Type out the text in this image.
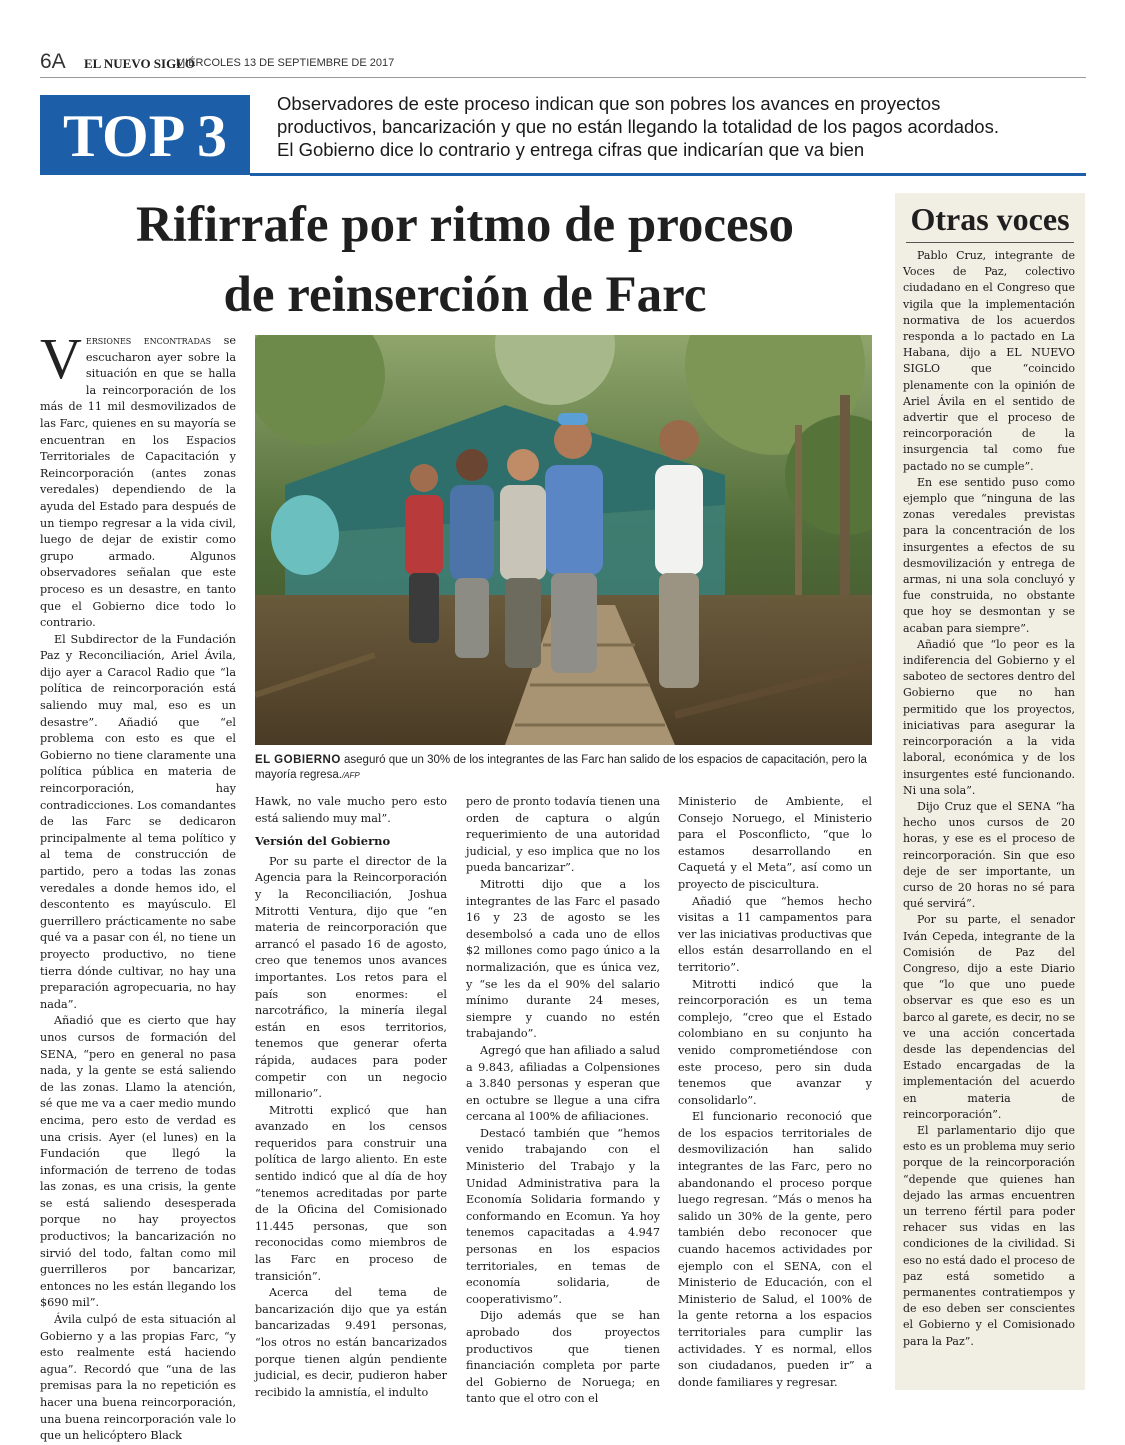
6A EL NUEVO SIGLO
MIÉRCOLES 13 DE SEPTIEMBRE DE 2017
TOP 3	Observadores de este proceso indican que son pobres los avances en proyectos
productivos, bancarización y que no están llegando la totalidad de los pagos acordados.
El Gobierno dice lo contrario y entrega cifras que indicarían que va bien
Rifirrafe por ritmo de proceso
de reinserción de Farc
EL GOBIERNO aseguró que un 30% de los integrantes de las Farc han salido de los espacios de capacitación, pero la mayoría regresa./AFP

Versiones encontradas se escucharon ayer sobre la situación en que se halla la reincorporación de los más de 11 mil desmovilizados de las Farc, quienes en su mayoría se encuentran en los Espacios Territoriales de Capacitación y Reincorporación (antes zonas veredales) dependiendo de la ayuda del Estado para después de un tiempo regresar a la vida civil, luego de dejar de existir como grupo armado. Algunos observadores señalan que este proceso es un desastre, en tanto que el Gobierno dice todo lo contrario.

El Subdirector de la Fundación Paz y Reconciliación, Ariel Ávila, dijo ayer a Caracol Radio que “la política de reincorporación está saliendo muy mal, eso es un desastre”. Añadió que “el problema con esto es que el Gobierno no tiene claramente una política pública en materia de reincorporación, hay contradicciones. Los comandantes de las Farc se dedicaron principalmente al tema político y al tema de construcción de partido, pero a todas las zonas veredales a donde hemos ido, el descontento es mayúsculo. El guerrillero prácticamente no sabe qué va a pasar con él, no tiene un proyecto productivo, no tiene tierra dónde cultivar, no hay una preparación agropecuaria, no hay nada”.

Añadió que es cierto que hay unos cursos de formación del SENA, “pero en general no pasa nada, y la gente se está saliendo de las zonas. Llamo la atención, sé que me va a caer medio mundo encima, pero esto de verdad es una crisis. Ayer (el lunes) en la Fundación que llegó la información de terreno de todas las zonas, es una crisis, la gente se está saliendo desesperada porque no hay proyectos productivos; la bancarización no sirvió del todo, faltan como mil guerrilleros por bancarizar, entonces no les están llegando los $690 mil”.

Ávila culpó de esta situación al Gobierno y a las propias Farc, “y esto realmente está haciendo agua”. Recordó que “una de las premisas para la no repetición es hacer una buena reincorporación, una buena reincorporación vale lo que un helicóptero Black

Hawk, no vale mucho pero esto está saliendo muy mal”.

Versión del Gobierno

Por su parte el director de la Agencia para la Reincorporación y la Reconciliación, Joshua Mitrotti Ventura, dijo que “en materia de reincorporación que arrancó el pasado 16 de agosto, creo que tenemos unos avances importantes. Los retos para el país son enormes: el narcotráfico, la minería ilegal están en esos territorios, tenemos que generar oferta rápida, audaces para poder competir con un negocio millonario”.

Mitrotti explicó que han avanzado en los censos requeridos para construir una política de largo aliento. En este sentido indicó que al día de hoy “tenemos acreditadas por parte de la Oficina del Comisionado 11.445 personas, que son reconocidas como miembros de las Farc en proceso de transición”.

Acerca del tema de bancarización dijo que ya están bancarizadas 9.491 personas, “los otros no están bancarizados porque tienen algún pendiente judicial, es decir, pudieron haber recibido la amnistía, el indulto

pero de pronto todavía tienen una orden de captura o algún requerimiento de una autoridad judicial, y eso implica que no los pueda bancarizar”.

Mitrotti dijo que a los integrantes de las Farc el pasado 16 y 23 de agosto se les desembolsó a cada uno de ellos $2 millones como pago único a la normalización, que es única vez, y “se les da el 90% del salario mínimo durante 24 meses, siempre y cuando no estén trabajando”.

Agregó que han afiliado a salud a 9.843, afiliadas a Colpensiones a 3.840 personas y esperan que en octubre se llegue a una cifra cercana al 100% de afiliaciones.

Destacó también que “hemos venido trabajando con el Ministerio del Trabajo y la Unidad Administrativa para la Economía Solidaria formando y conformando en Ecomun. Ya hoy tenemos capacitadas a 4.947 personas en los espacios territoriales, en temas de economía solidaria, de cooperativismo”.

Dijo además que se han aprobado dos proyectos productivos que tienen financiación completa por parte del Gobierno de Noruega; en tanto que el otro con el

Ministerio de Ambiente, el Consejo Noruego, el Ministerio para el Posconflicto, “que lo estamos desarrollando en Caquetá y el Meta”, así como un proyecto de piscicultura.

Añadió que “hemos hecho visitas a 11 campamentos para ver las iniciativas productivas que ellos están desarrollando en el territorio”.

Mitrotti indicó que la reincorporación es un tema complejo, “creo que el Estado colombiano en su conjunto ha venido comprometiéndose con este proceso, pero sin duda tenemos que avanzar y consolidarlo”.

El funcionario reconoció que de los espacios territoriales de desmovilización han salido integrantes de las Farc, pero no abandonando el proceso porque luego regresan. “Más o menos ha salido un 30% de la gente, pero también debo reconocer que cuando hacemos actividades por ejemplo con el SENA, con el Ministerio de Educación, con el Ministerio de Salud, el 100% de la gente retorna a los espacios territoriales para cumplir las actividades. Y es normal, ellos son ciudadanos, pueden ir” a donde familiares y regresar.

Otras voces

Pablo Cruz, integrante de Voces de Paz, colectivo ciudadano en el Congreso que vigila que la implementación normativa de los acuerdos responda a lo pactado en La Habana, dijo a EL NUEVO SIGLO que “coincido plenamente con la opinión de Ariel Ávila en el sentido de advertir que el proceso de reincorporación de la insurgencia tal como fue pactado no se cumple”.

En ese sentido puso como ejemplo que “ninguna de las zonas veredales previstas para la concentración de los insurgentes a efectos de su desmovilización y entrega de armas, ni una sola concluyó y fue construida, no obstante que hoy se desmontan y se acaban para siempre”.

Añadió que “lo peor es la indiferencia del Gobierno y el saboteo de sectores dentro del Gobierno que no han permitido que los proyectos, iniciativas para asegurar la reincorporación a la vida laboral, económica y de los insurgentes esté funcionando. Ni una sola”.

Dijo Cruz que el SENA “ha hecho unos cursos de 20 horas, y ese es el proceso de reincorporación. Sin que eso deje de ser importante, un curso de 20 horas no sé para qué servirá”.

Por su parte, el senador Iván Cepeda, integrante de la Comisión de Paz del Congreso, dijo a este Diario que “lo que uno puede observar es que eso es un barco al garete, es decir, no se ve una acción concertada desde las dependencias del Estado encargadas de la implementación del acuerdo en materia de reincorporación”.

El parlamentario dijo que esto es un problema muy serio porque de la reincorporación “depende que quienes han dejado las armas encuentren un terreno fértil para poder rehacer sus vidas en las condiciones de la civilidad. Si eso no está dado el proceso de paz está sometido a permanentes contratiempos y de eso deben ser conscientes el Gobierno y el Comisionado para la Paz”.
